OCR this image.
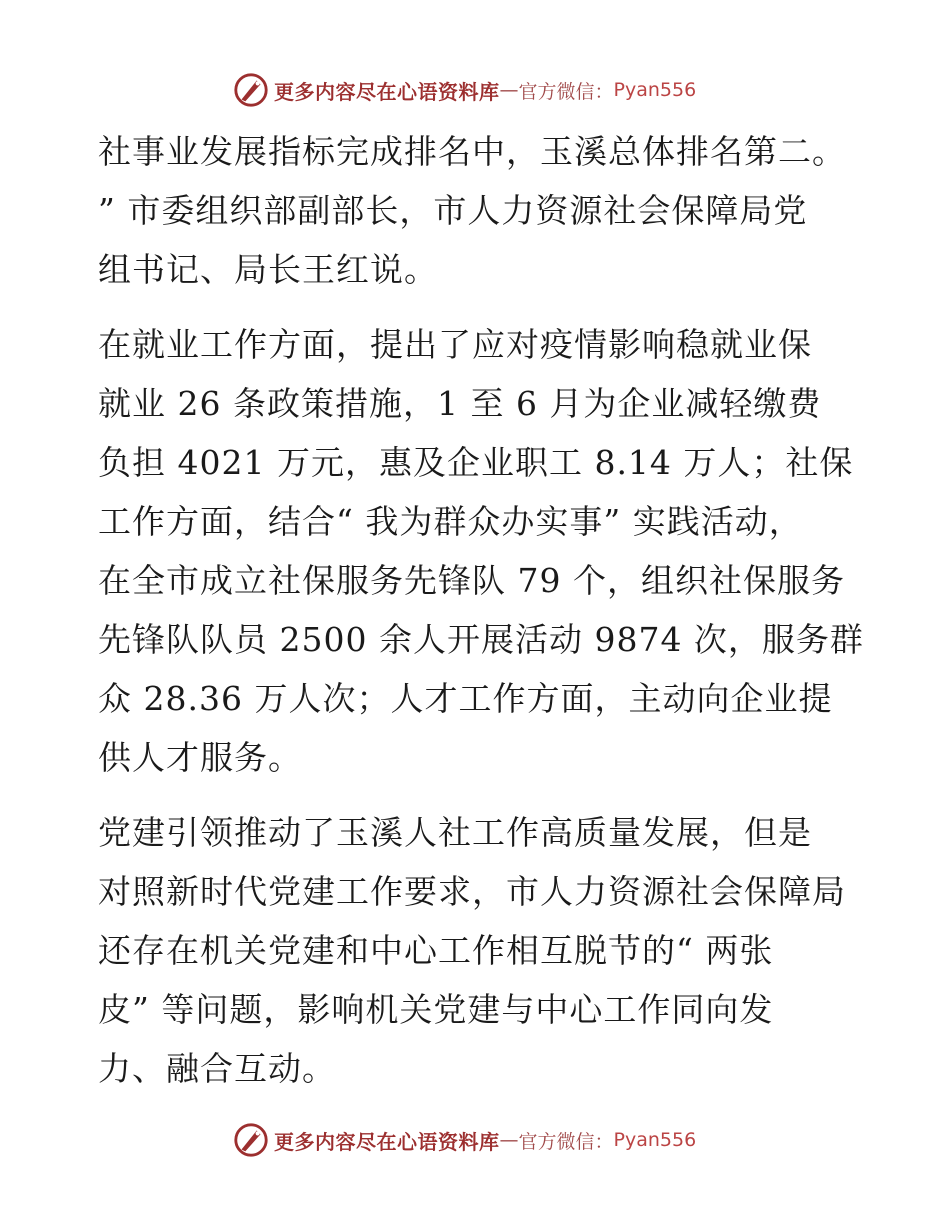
更多内容尽在心语资料库 — 官方微信： Pyan556

社事业发展指标完成排名中，玉溪总体排名第二。
” 市委组织部副部长，市人力资源社会保障局党
组书记、局长王红说。

在就业工作方面，提出了应对疫情影响稳就业保
就业 26 条政策措施，1 至 6 月为企业减轻缴费
负担 4021 万元，惠及企业职工 8.14 万人；社保
工作方面，结合“ 我为群众办实事” 实践活动，
在全市成立社保服务先锋队 79 个，组织社保服务
先锋队队员 2500 余人开展活动 9874 次，服务群
众 28.36 万人次；人才工作方面，主动向企业提
供人才服务。

党建引领推动了玉溪人社工作高质量发展，但是
对照新时代党建工作要求，市人力资源社会保障局
还存在机关党建和中心工作相互脱节的“ 两张
皮” 等问题，影响机关党建与中心工作同向发
力、融合互动。

更多内容尽在心语资料库 — 官方微信： Pyan556
